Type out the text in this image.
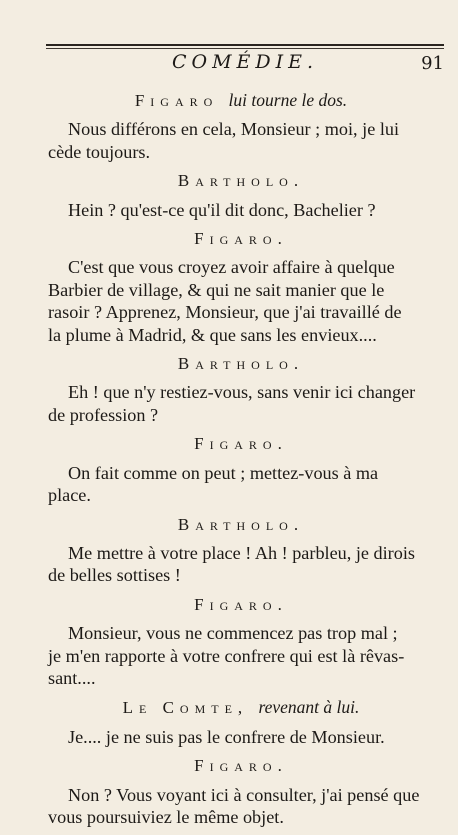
COMÉDIE.	91
Figaro lui tourne le dos.
Nous différons en cela, Monsieur ; moi, je lui
cède toujours.
Bartholo.
Hein ? qu'est-ce qu'il dit donc, Bachelier ?
Figaro.
C'est que vous croyez avoir affaire à quelque
Barbier de village, & qui ne sait manier que le
rasoir ? Apprenez, Monsieur, que j'ai travaillé de
la plume à Madrid, & que sans les envieux....
Bartholo.
Eh ! que n'y restiez-vous, sans venir ici changer
de profession ?
Figaro.
On fait comme on peut ; mettez-vous à ma
place.
Bartholo.
Me mettre à votre place ! Ah ! parbleu, je dirois
de belles sottises !
Figaro.
Monsieur, vous ne commencez pas trop mal ;
je m'en rapporte à votre confrere qui est là rêvas-
sant....
Le Comte, revenant à lui.
Je.... je ne suis pas le confrere de Monsieur.
Figaro.
Non ? Vous voyant ici à consulter, j'ai pensé que
vous poursuiviez le même objet.
